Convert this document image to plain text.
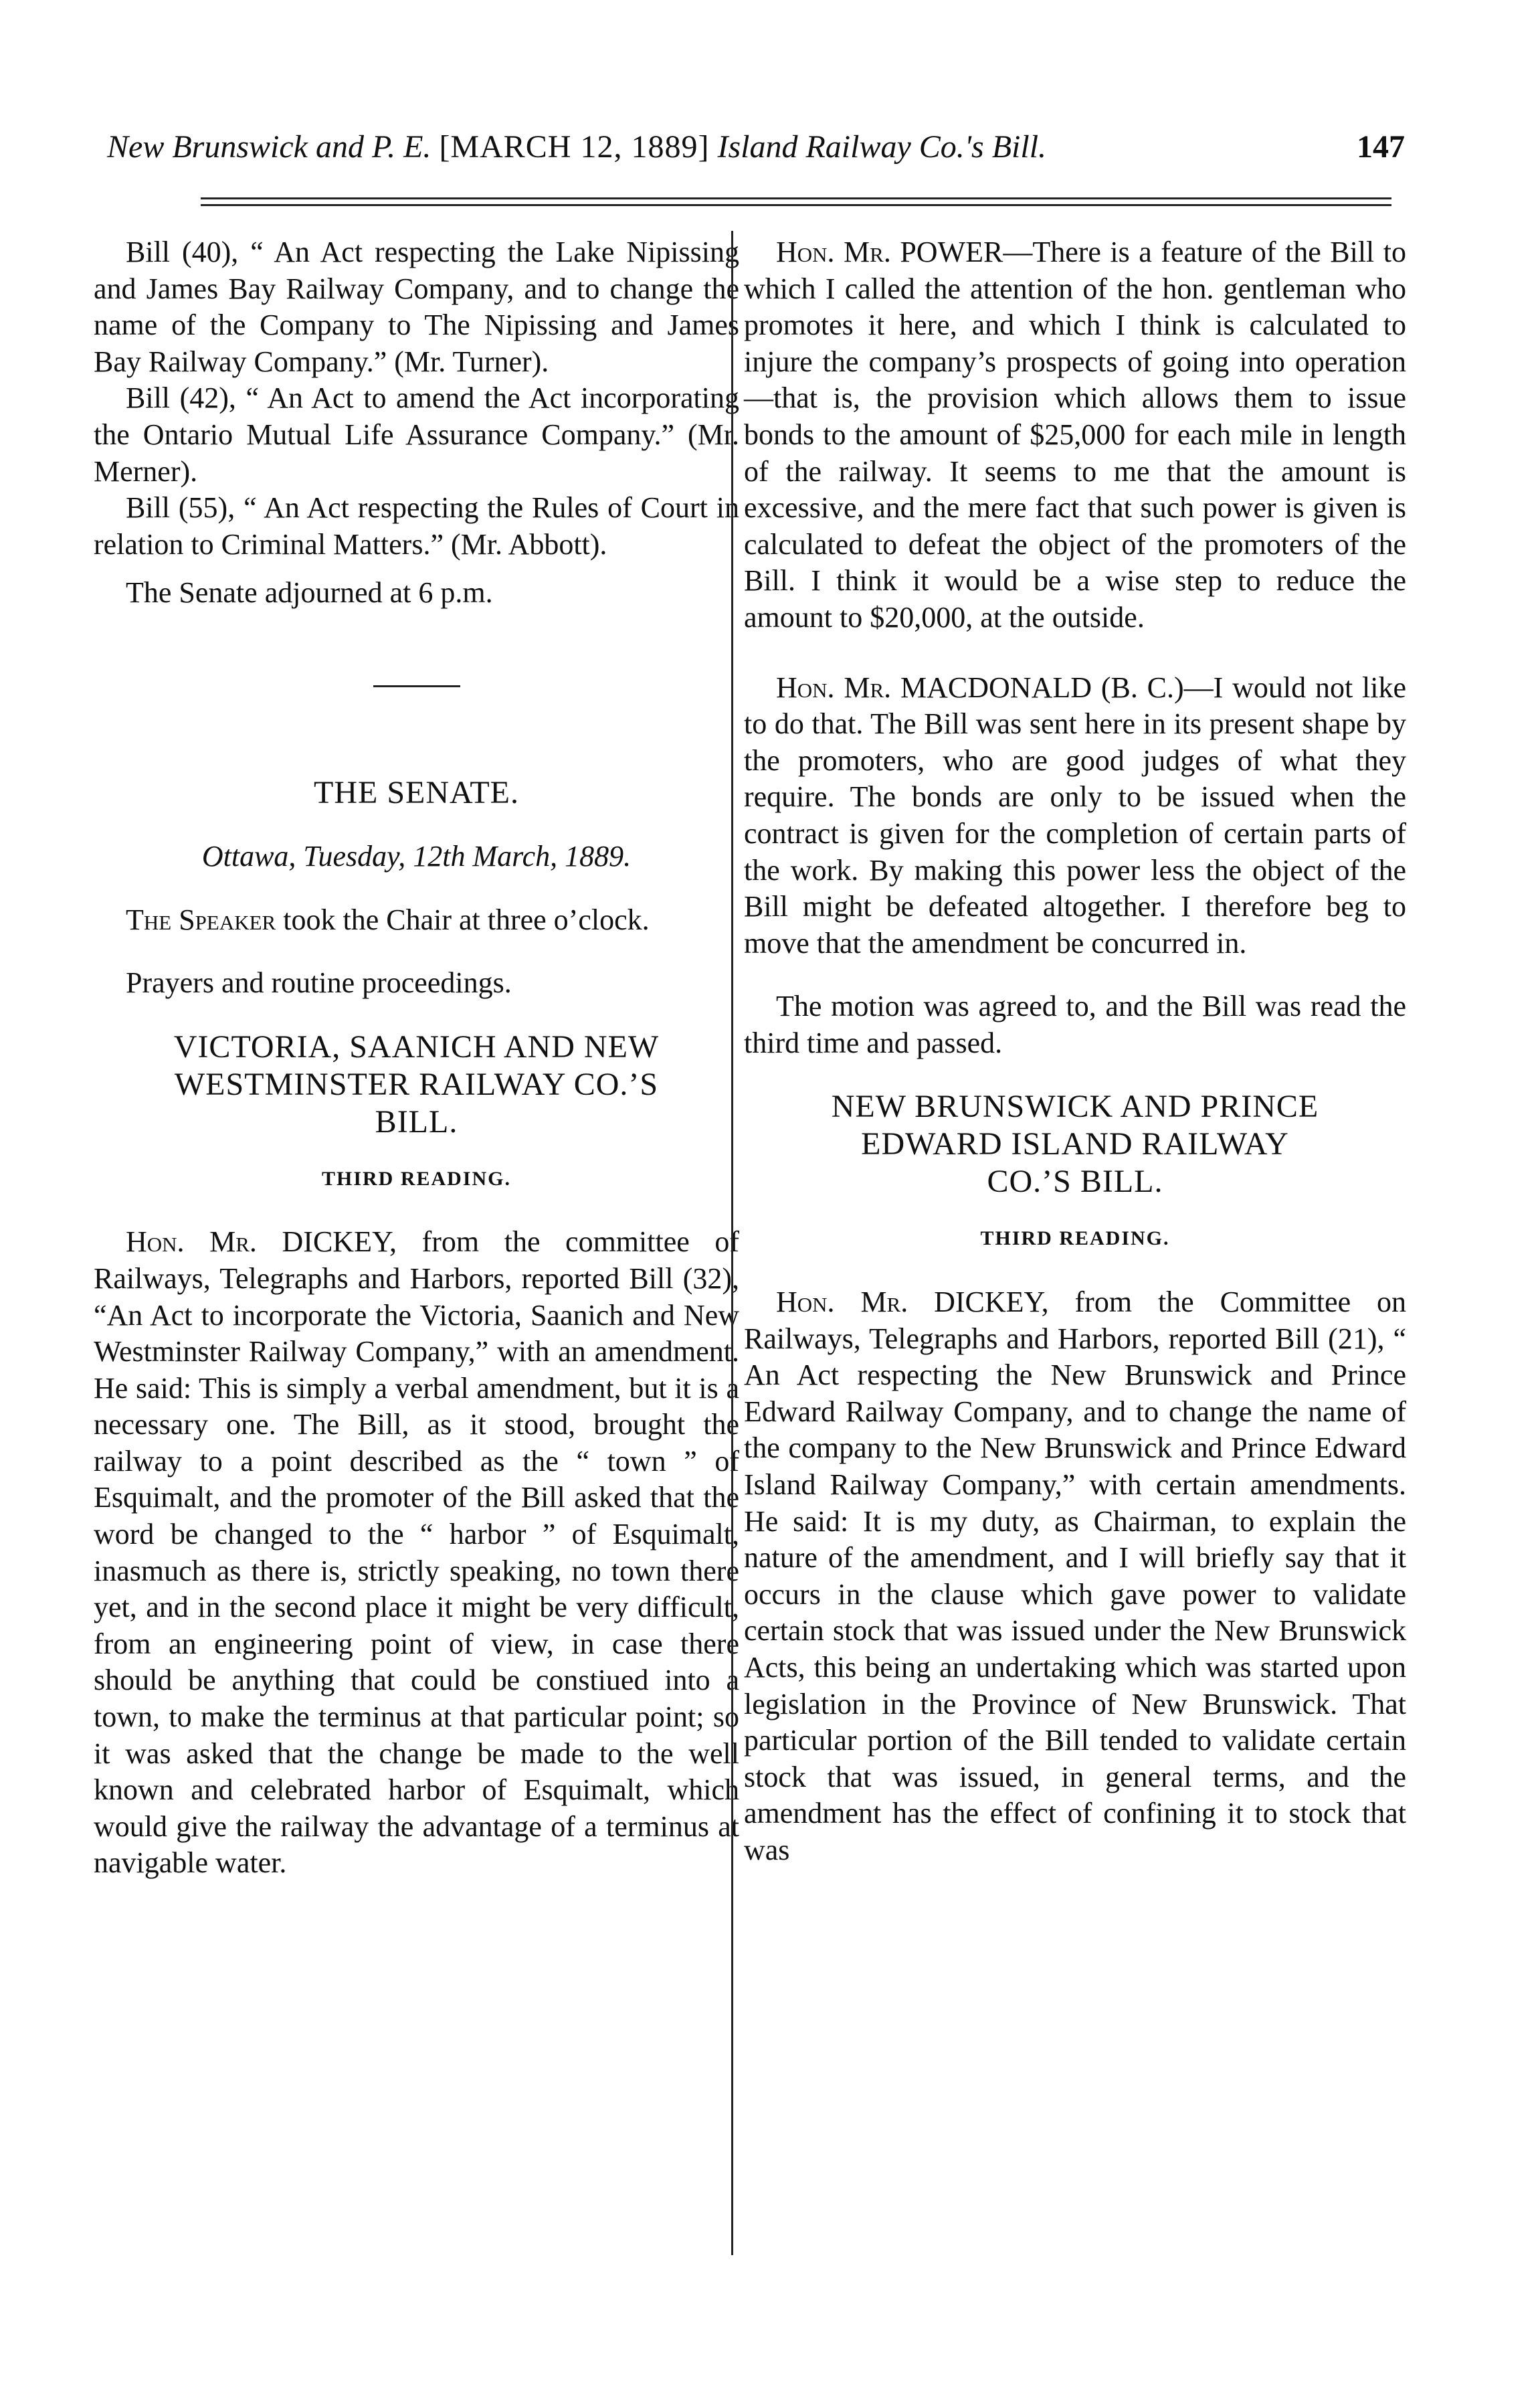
New Brunswick and P. E. [MARCH 12, 1889] Island Railway Co.'s Bill.	147

Bill (40), “ An Act respecting the Lake Nipissing and James Bay Railway Company, and to change the name of the Company to The Nipissing and James Bay Railway Company.” (Mr. Turner).

Bill (42), “ An Act to amend the Act incorporating the Ontario Mutual Life Assurance Company.” (Mr. Merner).

Bill (55), “ An Act respecting the Rules of Court in relation to Criminal Matters.” (Mr. Abbott).

The Senate adjourned at 6 p.m.

THE SENATE.

Ottawa, Tuesday, 12th March, 1889.

The Speaker took the Chair at three o’clock.

Prayers and routine proceedings.

VICTORIA, SAANICH AND NEW
WESTMINSTER RAILWAY CO.’S
BILL.

THIRD READING.

Hon. Mr. DICKEY, from the committee of Railways, Telegraphs and Harbors, reported Bill (32), “An Act to incorporate the Victoria, Saanich and New Westminster Railway Company,” with an amendment. He said: This is simply a verbal amendment, but it is a necessary one. The Bill, as it stood, brought the railway to a point described as the “ town ” of Esquimalt, and the promoter of the Bill asked that the word be changed to the “ harbor ” of Esquimalt, inasmuch as there is, strictly speaking, no town there yet, and in the second place it might be very difficult, from an engineering point of view, in case there should be anything that could be constiued into a town, to make the terminus at that particular point; so it was asked that the change be made to the well known and celebrated harbor of Esquimalt, which would give the railway the advantage of a terminus at navigable water.

Hon. Mr. POWER—There is a feature of the Bill to which I called the attention of the hon. gentleman who promotes it here, and which I think is calculated to injure the company’s prospects of going into operation—that is, the provision which allows them to issue bonds to the amount of $25,000 for each mile in length of the railway. It seems to me that the amount is excessive, and the mere fact that such power is given is calculated to defeat the object of the promoters of the Bill. I think it would be a wise step to reduce the amount to $20,000, at the outside.

Hon. Mr. MACDONALD (B. C.)—I would not like to do that. The Bill was sent here in its present shape by the promoters, who are good judges of what they require. The bonds are only to be issued when the contract is given for the completion of certain parts of the work. By making this power less the object of the Bill might be defeated altogether. I therefore beg to move that the amendment be concurred in.

The motion was agreed to, and the Bill was read the third time and passed.

NEW BRUNSWICK AND PRINCE
EDWARD ISLAND RAILWAY
CO.’S BILL.

THIRD READING.

Hon. Mr. DICKEY, from the Committee on Railways, Telegraphs and Harbors, reported Bill (21), “ An Act respecting the New Brunswick and Prince Edward Railway Company, and to change the name of the company to the New Brunswick and Prince Edward Island Railway Company,” with certain amendments. He said: It is my duty, as Chairman, to explain the nature of the amendment, and I will briefly say that it occurs in the clause which gave power to validate certain stock that was issued under the New Brunswick Acts, this being an undertaking which was started upon legislation in the Province of New Brunswick. That particular portion of the Bill tended to validate certain stock that was issued, in general terms, and the amendment has the effect of confining it to stock that was
